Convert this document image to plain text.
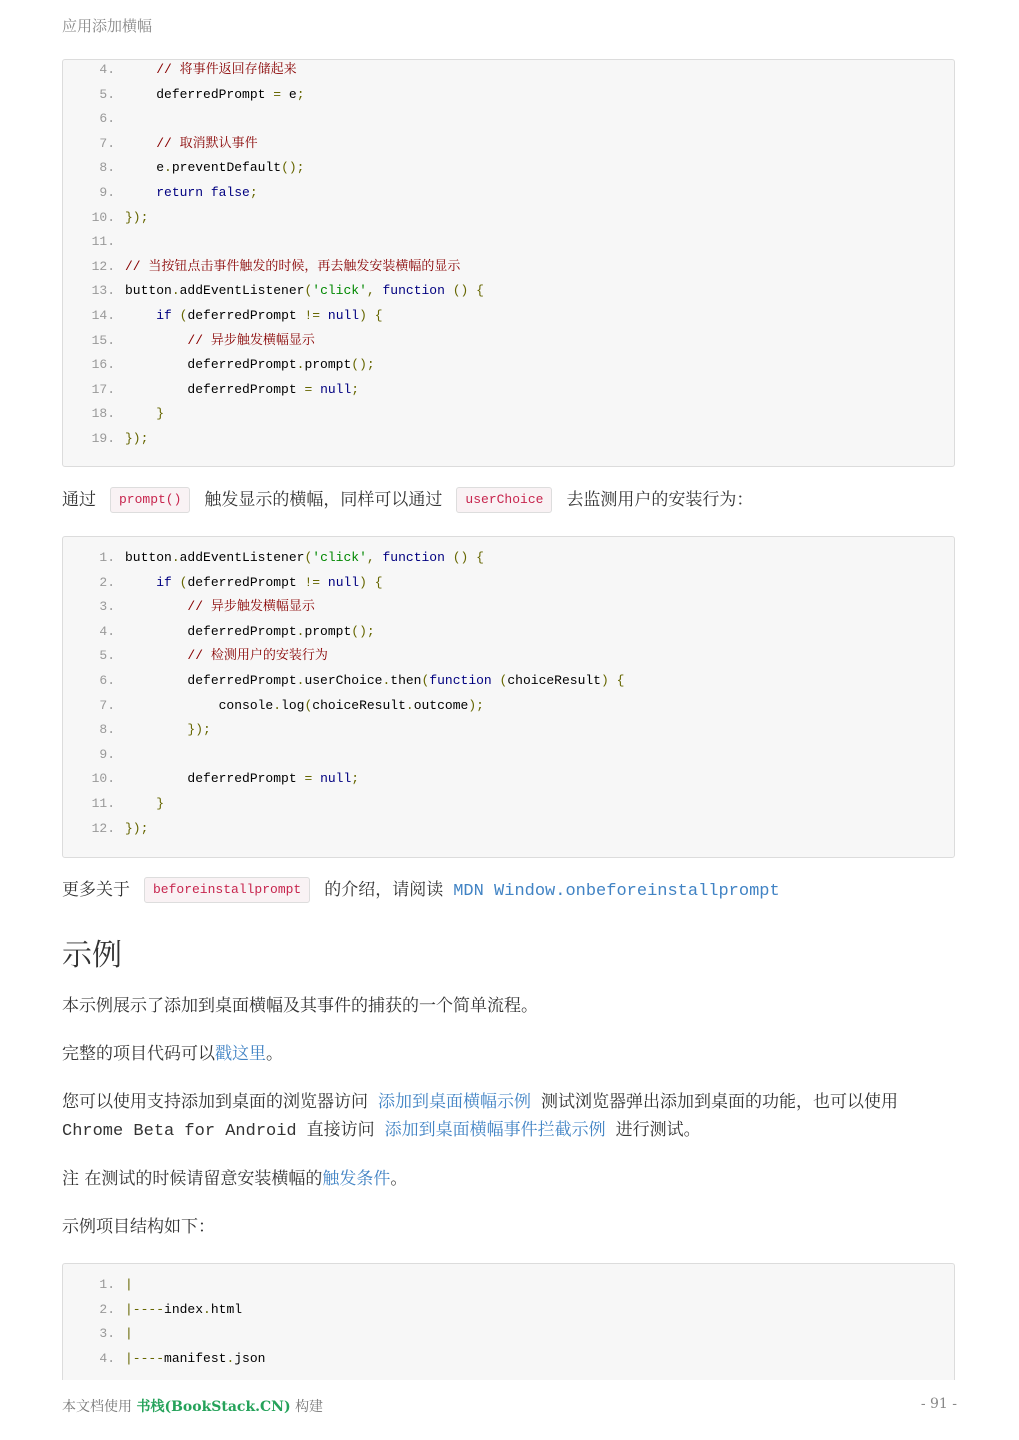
应用添加横幅
4.	// 将事件返回存储起来
5.	deferredPrompt = e;
6.
7.	// 取消默认事件
8.	e.preventDefault();
9.	return false;
10. });
11.
12. // 当按钮点击事件触发的时候，再去触发安装横幅的显示
13. button.addEventListener('click', function () {
14.	if (deferredPrompt != null) {
15.	// 异步触发横幅显示
16.	deferredPrompt.prompt();
17.	deferredPrompt = null;
18.	}
19. });
通过 prompt() 触发显示的横幅，同样可以通过 userChoice 去监测用户的安装行为：
1. button.addEventListener('click', function () {
2.	if (deferredPrompt != null) {
3.	// 异步触发横幅显示
4.	deferredPrompt.prompt();
5.	// 检测用户的安装行为
6.	deferredPrompt.userChoice.then(function (choiceResult) {
7.	console.log(choiceResult.outcome);
8.	});
9.
10.	deferredPrompt = null;
11.	}
12. });
更多关于 beforeinstallprompt 的介绍，请阅读 MDN Window.onbeforeinstallprompt
示例
本示例展示了添加到桌面横幅及其事件的捕获的一个简单流程。
完整的项目代码可以戳这里。
您可以使用支持添加到桌面的浏览器访问 添加到桌面横幅示例 测试浏览器弹出添加到桌面的功能，也可以使用
Chrome Beta for Android 直接访问 添加到桌面横幅事件拦截示例 进行测试。
注 在测试的时候请留意安装横幅的触发条件。
示例项目结构如下：
1. |
2. |----index.html
3. |
4. |----manifest.json
本文档使用 书栈(BookStack.CN) 构建	- 91 -
